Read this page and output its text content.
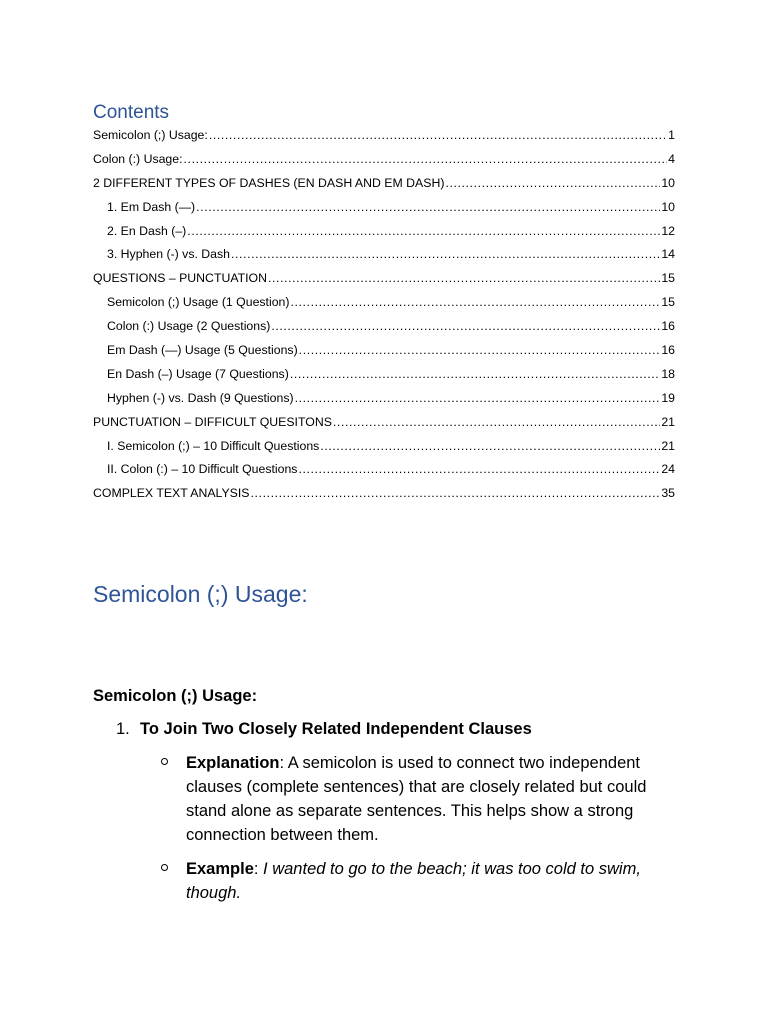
Contents
Semicolon (;) Usage: .....	1
Colon (:) Usage: .....	4
2 DIFFERENT TYPES OF DASHES (EN DASH AND EM DASH) .....	10
1. Em Dash (—) .....	10
2. En Dash (–) .....	12
3. Hyphen (-) vs. Dash .....	14
QUESTIONS – PUNCTUATION .....	15
Semicolon (;) Usage (1 Question) .....	15
Colon (:) Usage (2 Questions) .....	16
Em Dash (—) Usage (5 Questions) .....	16
En Dash (–) Usage (7 Questions) .....	18
Hyphen (-) vs. Dash (9 Questions) .....	19
PUNCTUATION – DIFFICULT QUESITONS .....	21
I. Semicolon (;) – 10 Difficult Questions .....	21
II. Colon (:) – 10 Difficult Questions .....	24
COMPLEX TEXT ANALYSIS .....	35
Semicolon (;) Usage:
Semicolon (;) Usage:
1. To Join Two Closely Related Independent Clauses
Explanation: A semicolon is used to connect two independent clauses (complete sentences) that are closely related but could stand alone as separate sentences. This helps show a strong connection between them.
Example: I wanted to go to the beach; it was too cold to swim, though.
